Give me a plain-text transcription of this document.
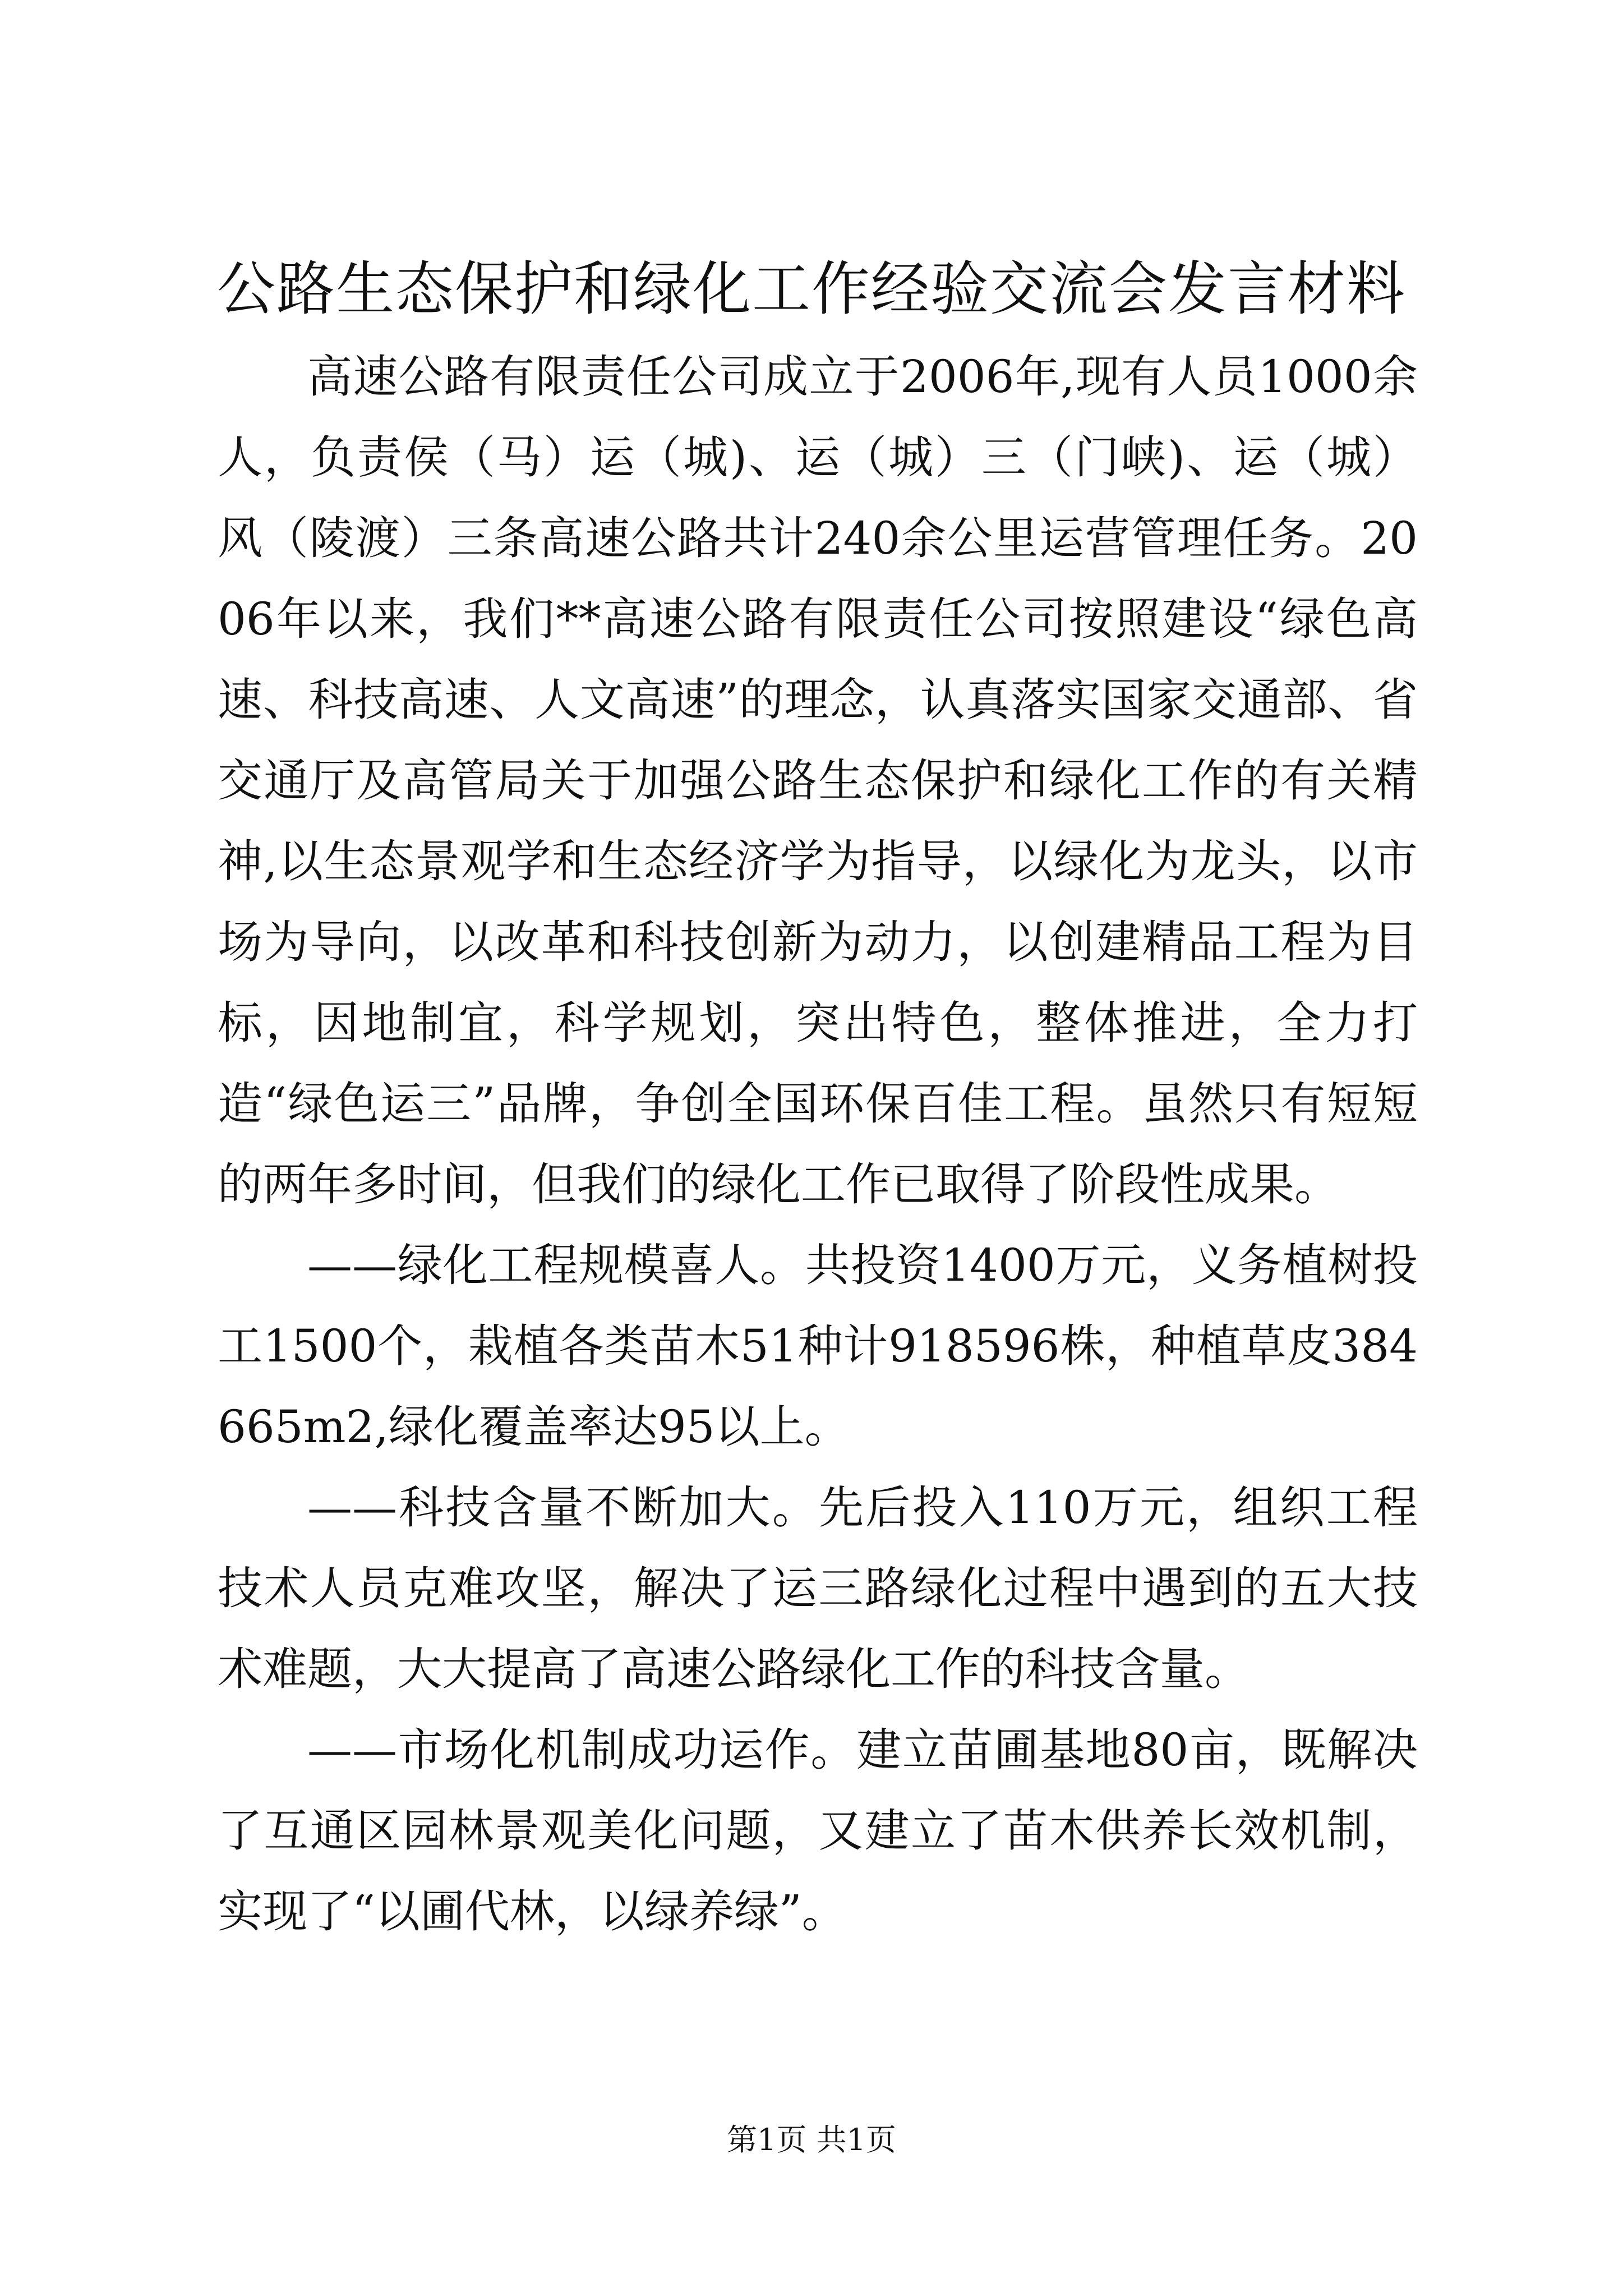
公路生态保护和绿化工作经验交流会发言材料

高速公路有限责任公司成立于2006年,现有人员1000余人，负责侯（马）运（城)、运（城）三（门峡)、运（城）风（陵渡）三条高速公路共计240余公里运营管理任务。2006年以来，我们**高速公路有限责任公司按照建设“绿色高速、科技高速、人文高速”的理念，认真落实国家交通部、省交通厅及高管局关于加强公路生态保护和绿化工作的有关精神,以生态景观学和生态经济学为指导，以绿化为龙头，以市场为导向，以改革和科技创新为动力，以创建精品工程为目标，因地制宜，科学规划，突出特色，整体推进，全力打造“绿色运三”品牌，争创全国环保百佳工程。虽然只有短短的两年多时间，但我们的绿化工作已取得了阶段性成果。

——绿化工程规模喜人。共投资1400万元，义务植树投工1500个，栽植各类苗木51种计918596株，种植草皮384665m2,绿化覆盖率达95以上。

——科技含量不断加大。先后投入110万元，组织工程技术人员克难攻坚，解决了运三路绿化过程中遇到的五大技术难题，大大提高了高速公路绿化工作的科技含量。

——市场化机制成功运作。建立苗圃基地80亩，既解决了互通区园林景观美化问题，又建立了苗木供养长效机制，实现了“以圃代林，以绿养绿”。

第1页 共1页
